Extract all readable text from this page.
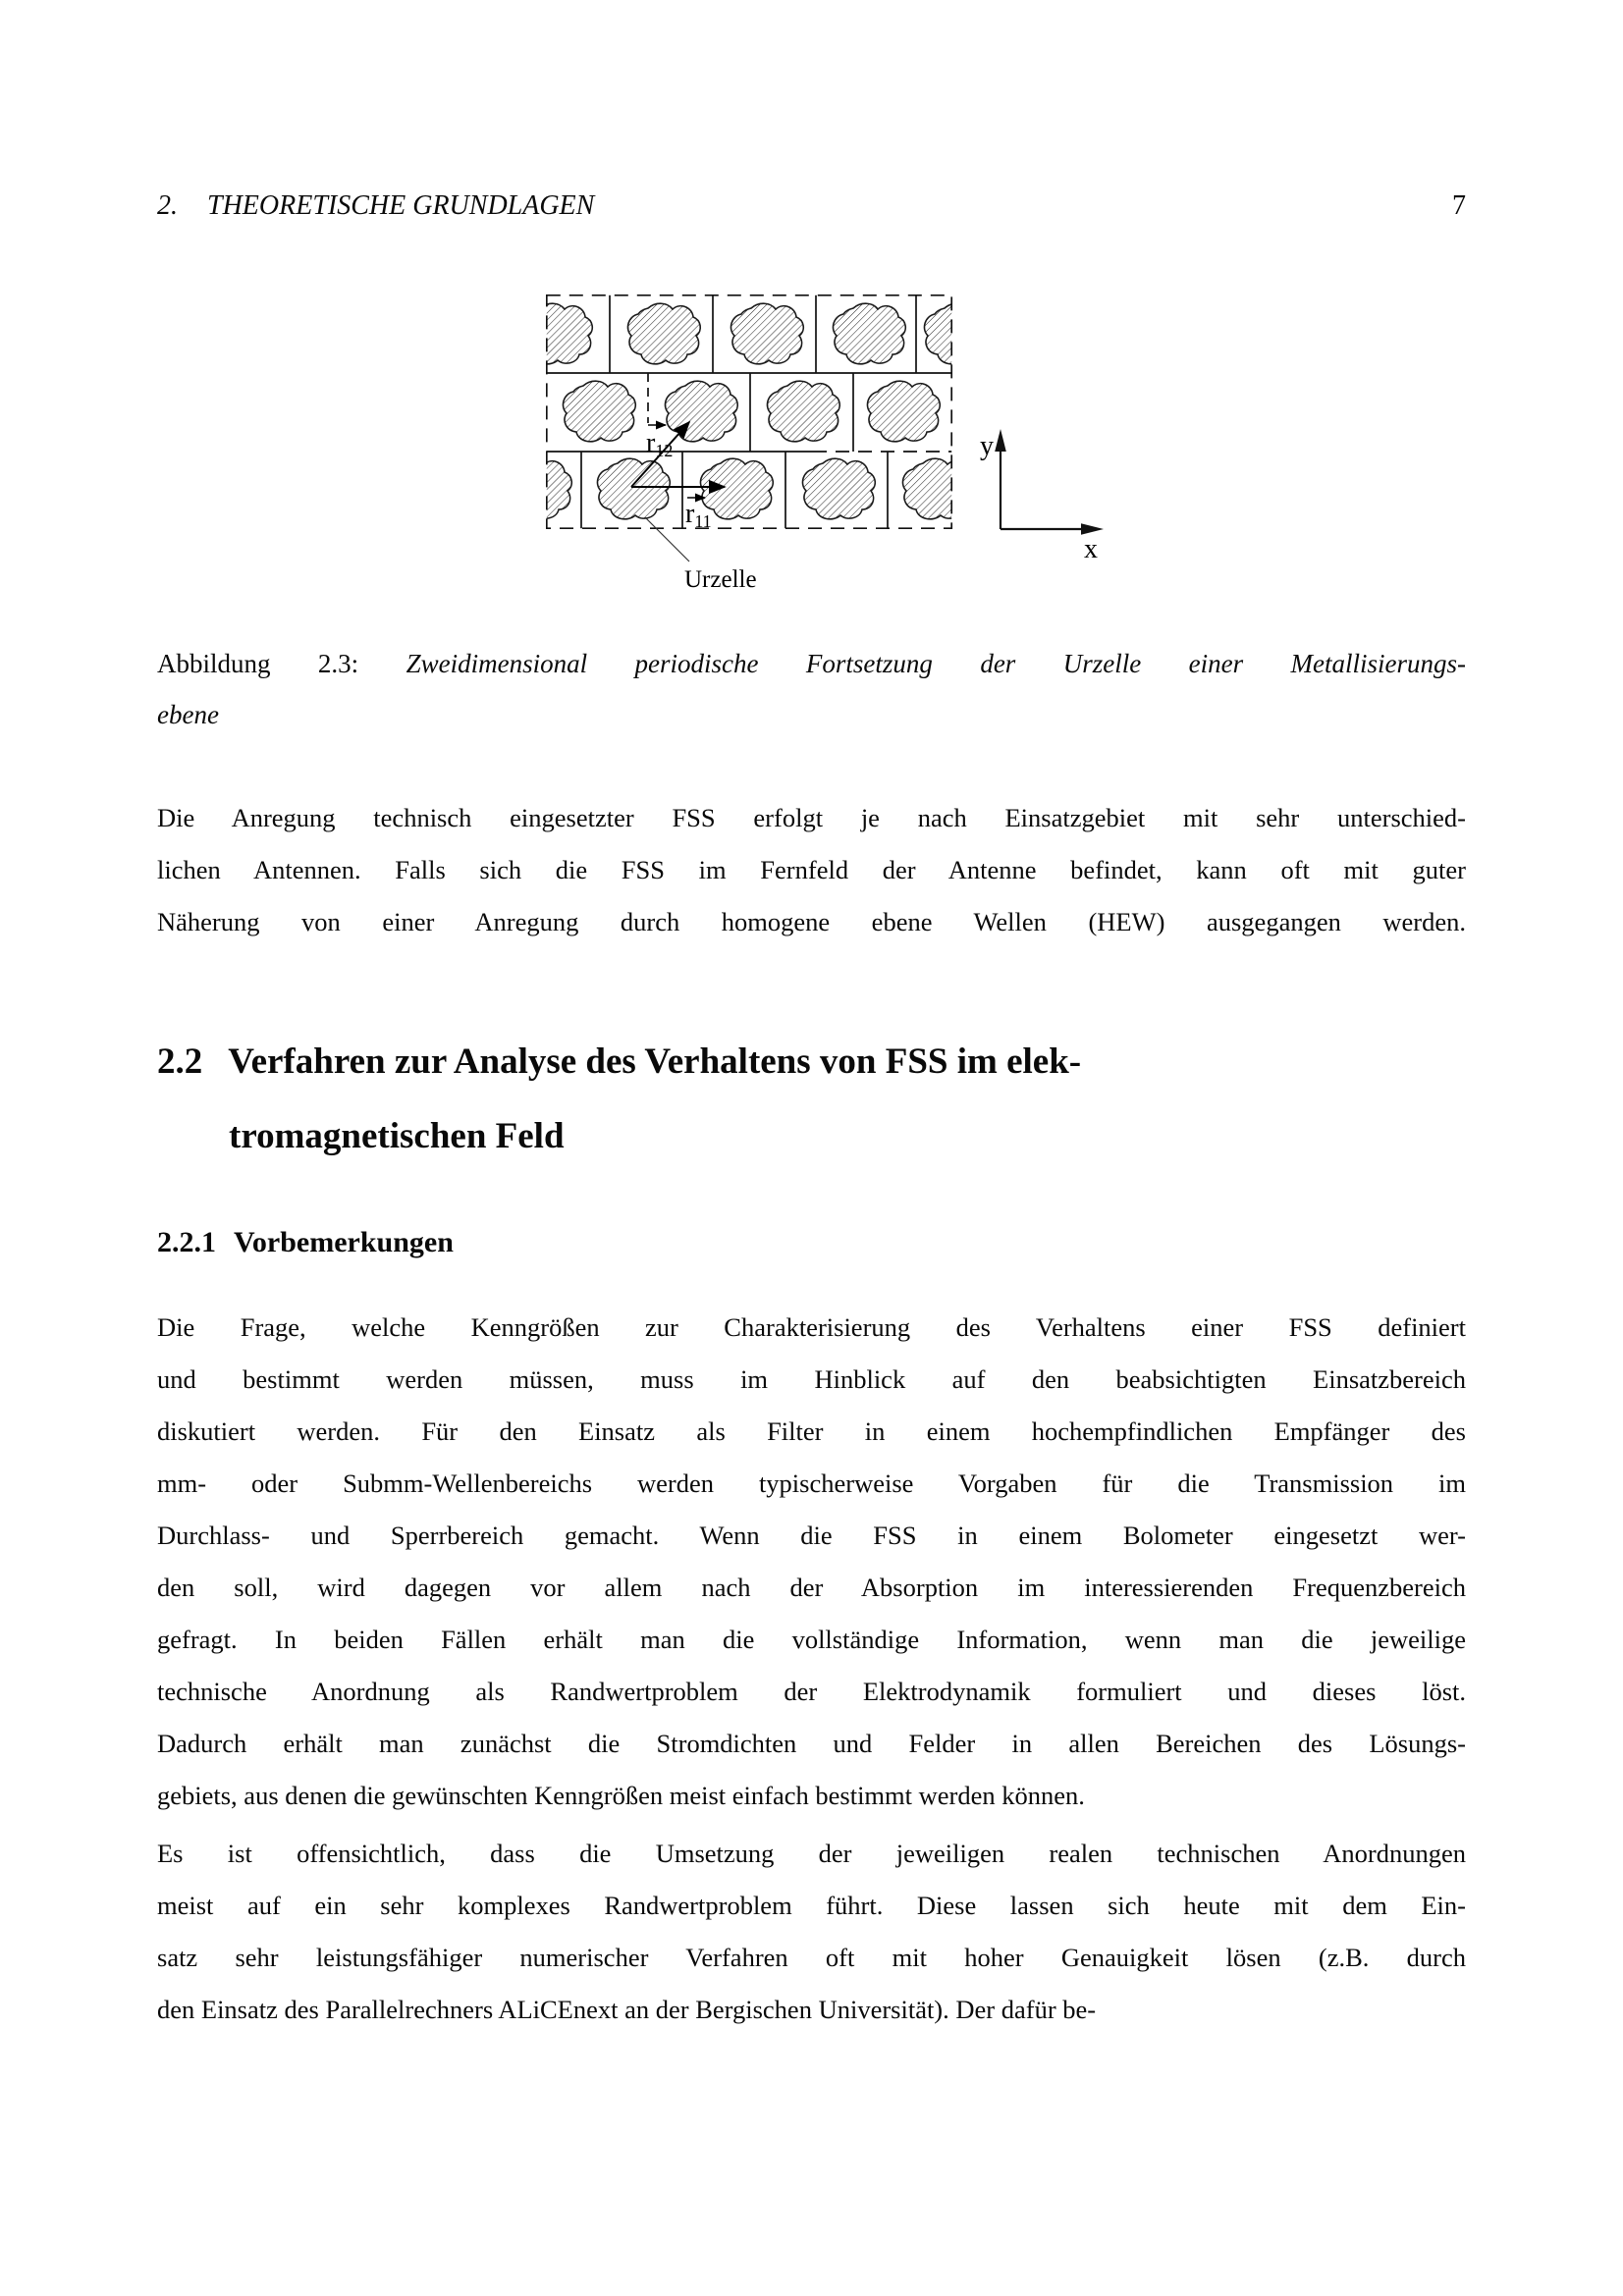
2. THEORETISCHE GRUNDLAGEN	7
r12
r11
y
x
Urzelle
Abbildung 2.3: Zweidimensional periodische Fortsetzung der Urzelle einer Metallisierungs-
ebene
Die Anregung technisch eingesetzter FSS erfolgt je nach Einsatzgebiet mit sehr unterschied-
lichen Antennen. Falls sich die FSS im Fernfeld der Antenne befindet, kann oft mit guter
Näherung von einer Anregung durch homogene ebene Wellen (HEW) ausgegangen werden.
2.2 Verfahren zur Analyse des Verhaltens von FSS im elek-
tromagnetischen Feld
2.2.1 Vorbemerkungen
Die Frage, welche Kenngrößen zur Charakterisierung des Verhaltens einer FSS definiert
und bestimmt werden müssen, muss im Hinblick auf den beabsichtigten Einsatzbereich
diskutiert werden. Für den Einsatz als Filter in einem hochempfindlichen Empfänger des
mm- oder Submm-Wellenbereichs werden typischerweise Vorgaben für die Transmission im
Durchlass- und Sperrbereich gemacht. Wenn die FSS in einem Bolometer eingesetzt wer-
den soll, wird dagegen vor allem nach der Absorption im interessierenden Frequenzbereich
gefragt. In beiden Fällen erhält man die vollständige Information, wenn man die jeweilige
technische Anordnung als Randwertproblem der Elektrodynamik formuliert und dieses löst.
Dadurch erhält man zunächst die Stromdichten und Felder in allen Bereichen des Lösungs-
gebiets, aus denen die gewünschten Kenngrößen meist einfach bestimmt werden können.
Es ist offensichtlich, dass die Umsetzung der jeweiligen realen technischen Anordnungen
meist auf ein sehr komplexes Randwertproblem führt. Diese lassen sich heute mit dem Ein-
satz sehr leistungsfähiger numerischer Verfahren oft mit hoher Genauigkeit lösen (z.B. durch
den Einsatz des Parallelrechners ALiCEnext an der Bergischen Universität). Der dafür be-
